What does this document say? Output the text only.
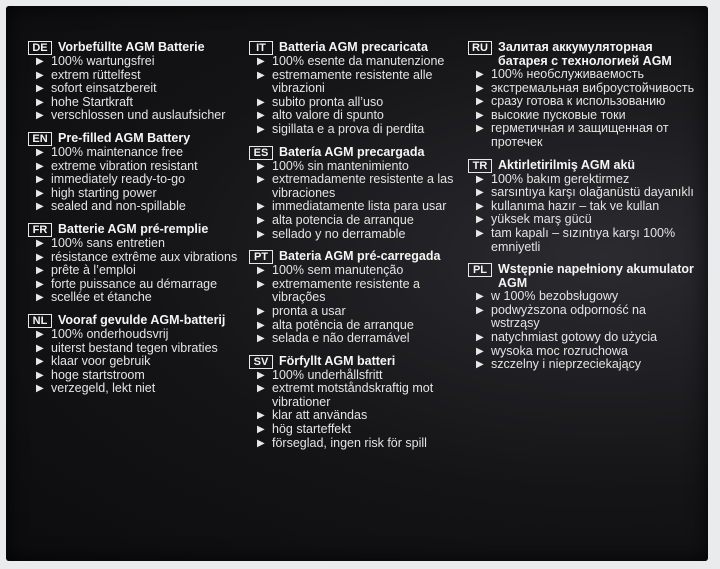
DE Vorbefüllte AGM Batterie
▶ 100% wartungsfrei
▶ extrem rüttelfest
▶ sofort einsatzbereit
▶ hohe Startkraft
▶ verschlossen und auslaufsicher
EN Pre-filled AGM Battery
▶ 100% maintenance free
▶ extreme vibration resistant
▶ immediately ready-to-go
▶ high starting power
▶ sealed and non-spillable
FR Batterie AGM pré-remplie
▶ 100% sans entretien
▶ résistance extrême aux vibrations
▶ prête à l’emploi
▶ forte puissance au démarrage
▶ scellée et étanche
NL Vooraf gevulde AGM-batterij
▶ 100% onderhoudsvrij
▶ uiterst bestand tegen vibraties
▶ klaar voor gebruik
▶ hoge startstroom
▶ verzegeld, lekt niet
IT	Batteria AGM precaricata
▶ 100% esente da manutenzione
▶ estremamente resistente alle vibrazioni
▶ subito pronta all’uso
▶ alto valore di spunto
▶ sigillata e a prova di perdita
ES Batería AGM precargada
▶ 100% sin mantenimiento
▶ extremadamente resistente a las vibraciones
▶ immediatamente lista para usar
▶ alta potencia de arranque
▶ sellado y no derramable
PT Bateria AGM pré-carregada
▶ 100% sem manutenção
▶ extremamente resistente a vibrações
▶ pronta a usar
▶ alta potência de arranque
▶ selada e não derramável
SV Förfyllt AGM batteri
▶ 100% underhållsfritt
▶ extremt motståndskraftig mot vibrationer
▶ klar att användas
▶ hög starteffekt
▶ förseglad, ingen risk för spill
RU Залитая аккумуляторная батарея с технологией AGM
▶ 100% необслуживаемость
▶ экстремальная виброустойчивость
▶ сразу готова к использованию
▶ высокие пусковые токи
▶ герметичная и защищенная от протечек
TR Aktirletirilmiş AGM akü
▶ 100% bakım gerektirmez
▶ sarsıntıya karşı olağanüstü dayanıklı
▶ kullanıma hazır – tak ve kullan
▶ yüksek marş gücü
▶ tam kapalı – sızıntıya karşı 100% emniyetli
PL Wstępnie napełniony akumulator AGM
▶ w 100% bezobsługowy
▶ podwyższona odporność na wstrząsy
▶ natychmiast gotowy do użycia
▶ wysoka moc rozruchowa
▶ szczelny i nieprzeciekający
